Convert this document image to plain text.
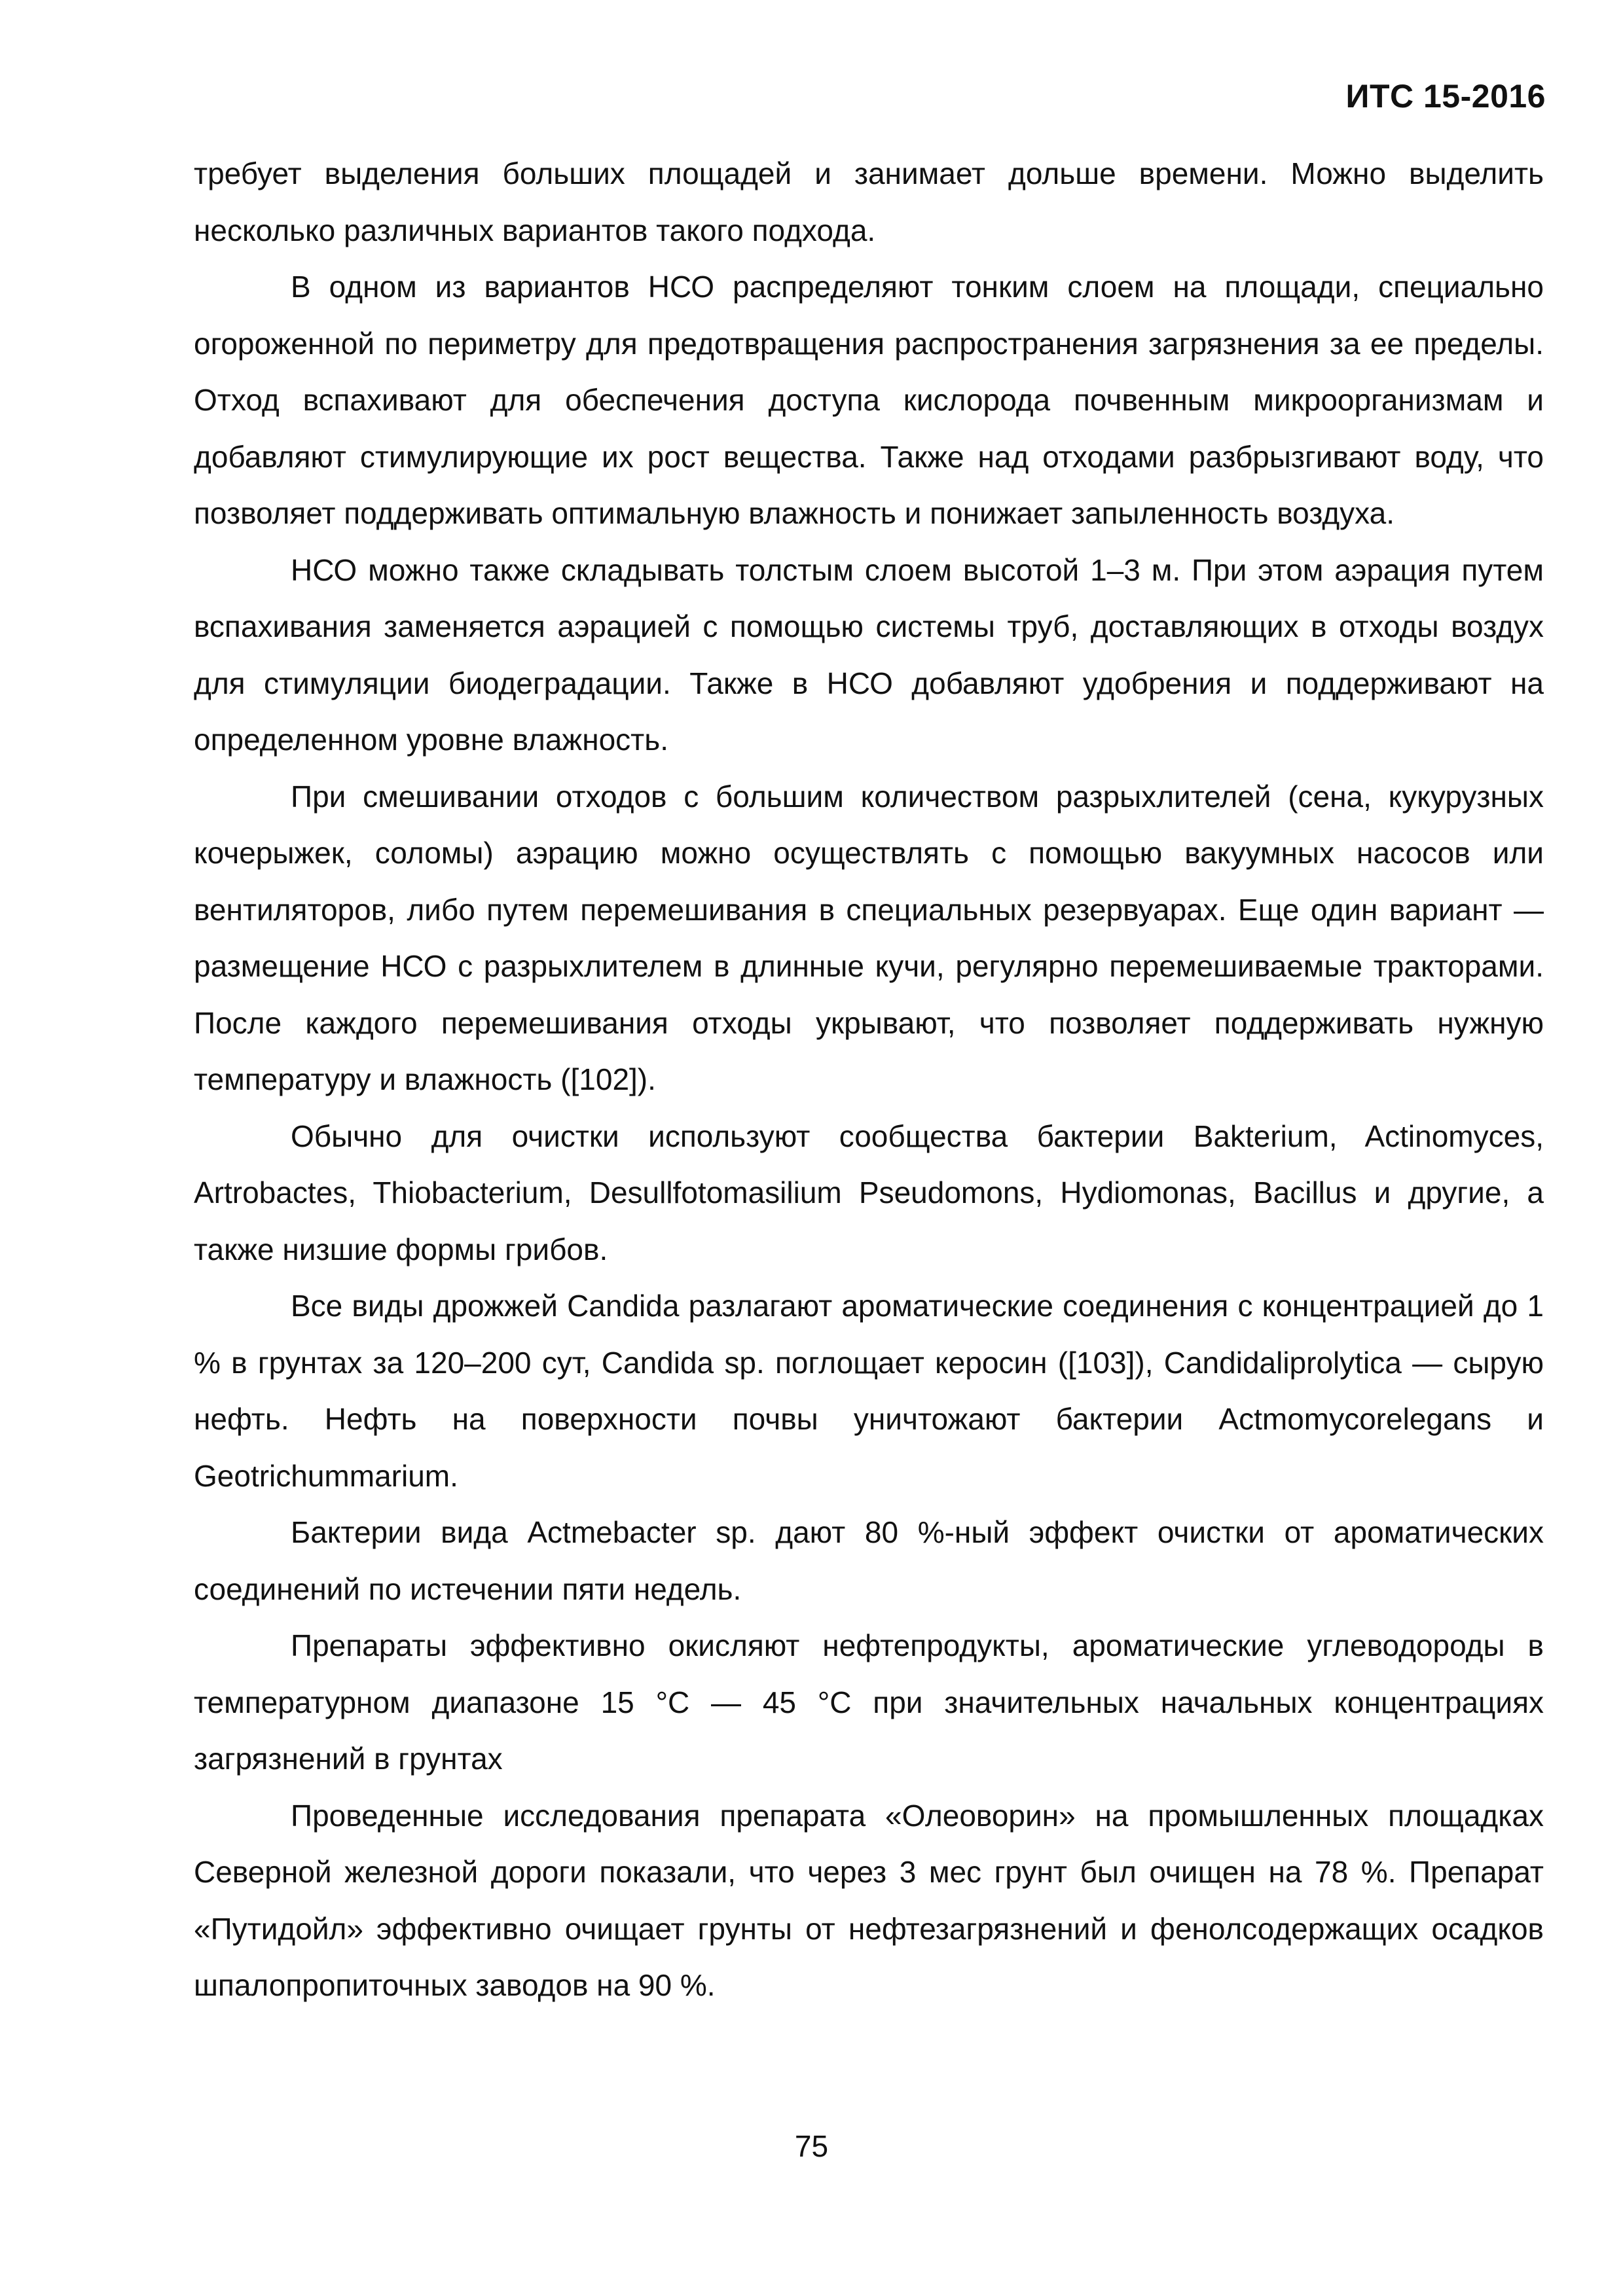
ИТС 15-2016

требует выделения больших площадей и занимает дольше времени. Можно выделить несколько различных вариантов такого подхода.

В одном из вариантов НСО распределяют тонким слоем на площади, специально огороженной по периметру для предотвращения распространения загрязнения за ее пределы. Отход вспахивают для обеспечения доступа кислорода почвенным микроорганизмам и добавляют стимулирующие их рост вещества. Также над отходами разбрызгивают воду, что позволяет поддерживать оптимальную влажность и понижает запыленность воздуха.

НСО можно также складывать толстым слоем высотой 1–3 м. При этом аэрация путем вспахивания заменяется аэрацией с помощью системы труб, доставляющих в отходы воздух для стимуляции биодеградации. Также в НСО добавляют удобрения и поддерживают на определенном уровне влажность.

При смешивании отходов с большим количеством разрыхлителей (сена, кукурузных кочерыжек, соломы) аэрацию можно осуществлять с помощью вакуумных насосов или вентиляторов, либо путем перемешивания в специальных резервуарах. Еще один вариант — размещение НСО с разрыхлителем в длинные кучи, регулярно перемешиваемые тракторами. После каждого перемешивания отходы укрывают, что позволяет поддерживать нужную температуру и влажность ([102]).

Обычно для очистки используют сообщества бактерии Bakterium, Actinomyces, Artrobactes, Thiobacterium, Desullfotomasilium Pseudomons, Hydiomonas, Bacillus и другие, а также низшие формы грибов.

Все виды дрожжей Candida разлагают ароматические соединения с концентрацией до 1 % в грунтах за 120–200 сут, Candida sp. поглощает керосин ([103]), Candidaliprolytica — сырую нефть. Нефть на поверхности почвы уничтожают бактерии Actmomycorelegans и Geotrichummarium.

Бактерии вида Actmebacter sp. дают 80 %-ный эффект очистки от ароматических соединений по истечении пяти недель.

Препараты эффективно окисляют нефтепродукты, ароматические углеводороды в температурном диапазоне 15 °С — 45 °С при значительных начальных концентрациях загрязнений в грунтах

Проведенные исследования препарата «Олеоворин» на промышленных площадках Северной железной дороги показали, что через 3 мес грунт был очищен на 78 %. Препарат «Путидойл» эффективно очищает грунты от нефтезагрязнений и фенолсодержащих осадков шпалопропиточных заводов на 90 %.

75
